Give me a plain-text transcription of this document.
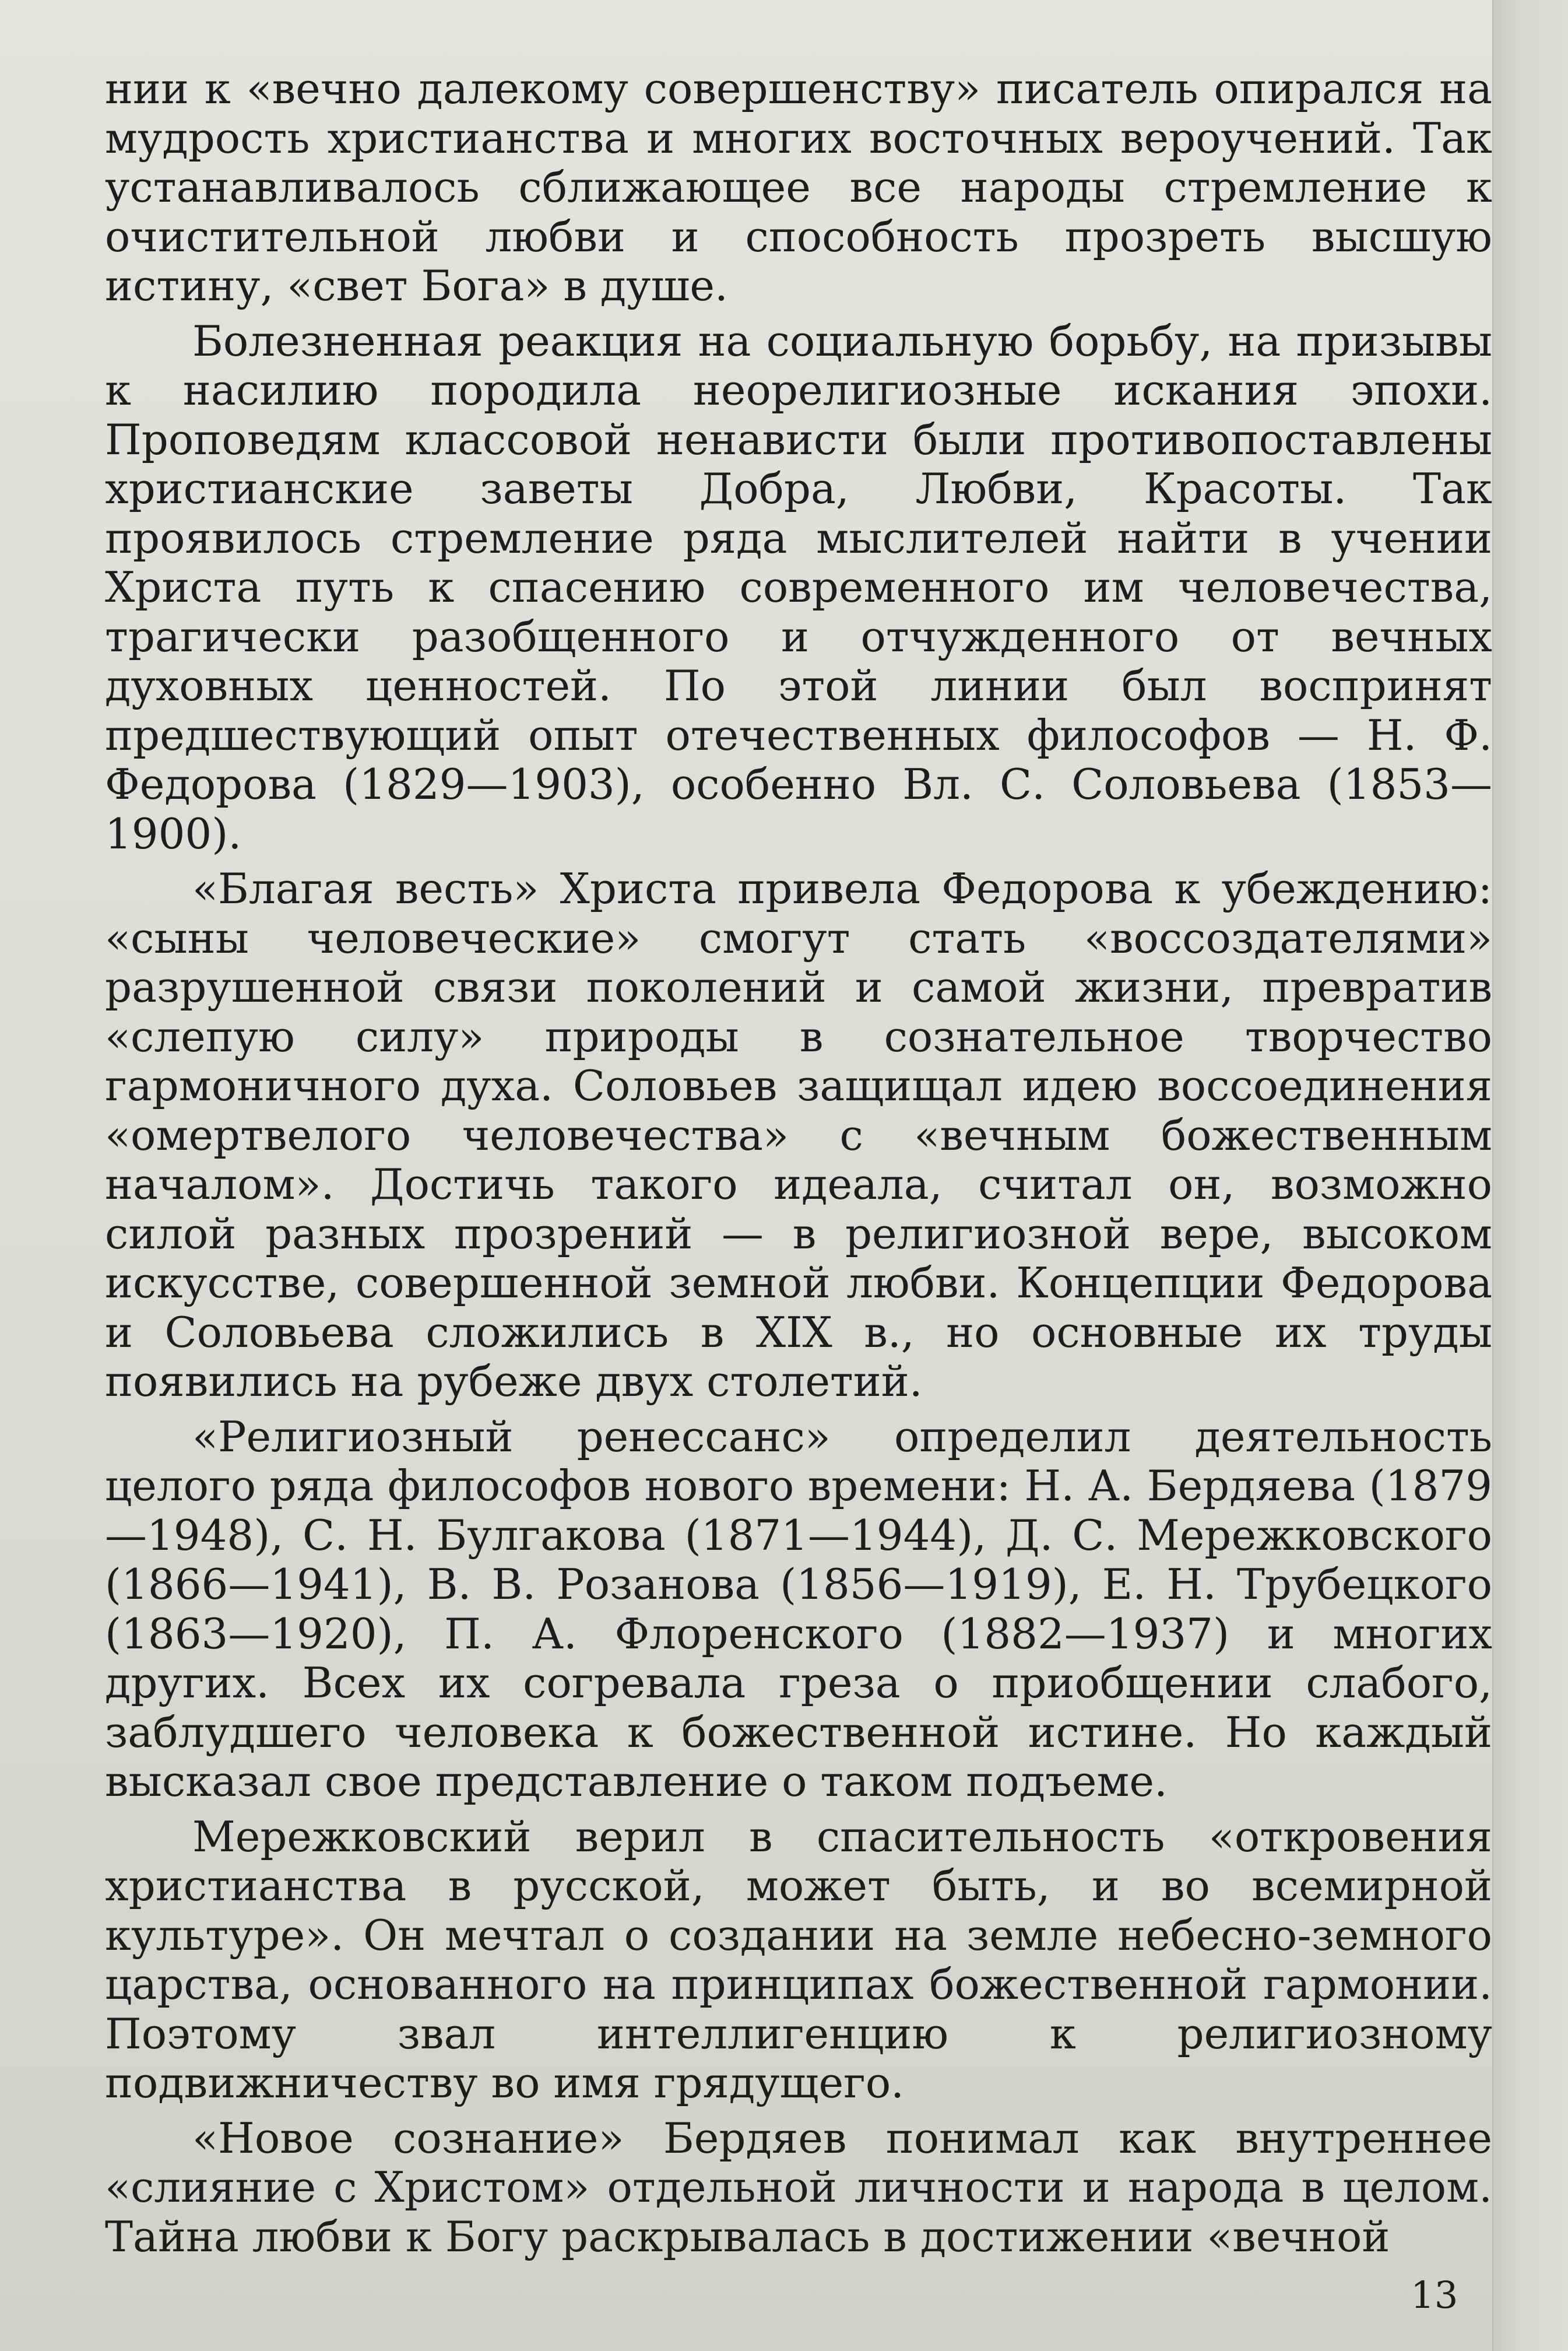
нии к «вечно далекому совершенству» писатель опирался на мудрость христианства и многих восточных вероучений. Так устанавливалось сближающее все народы стремление к очистительной любви и способность прозреть высшую истину, «свет Бога» в душе.

Болезненная реакция на социальную борьбу, на призывы к насилию породила неорелигиозные искания эпохи. Проповедям классовой ненависти были противопоставлены христианские заветы Добра, Любви, Красоты. Так проявилось стремление ряда мыслителей найти в учении Христа путь к спасению современного им человечества, трагически разобщенного и отчужденного от вечных духовных ценностей. По этой линии был воспринят предшествующий опыт отечественных философов — Н. Ф. Федорова (1829—1903), особенно Вл. С. Соловьева (1853—1900).

«Благая весть» Христа привела Федорова к убеждению: «сыны человеческие» смогут стать «воссоздателями» разрушенной связи поколений и самой жизни, превратив «слепую силу» природы в сознательное творчество гармоничного духа. Соловьев защищал идею воссоединения «омертвелого человечества» с «вечным божественным началом». Достичь такого идеала, считал он, возможно силой разных прозрений — в религиозной вере, высоком искусстве, совершенной земной любви. Концепции Федорова и Соловьева сложились в XIX в., но основные их труды появились на рубеже двух столетий.

«Религиозный ренессанс» определил деятельность целого ряда философов нового времени: Н. А. Бердяева (1879—1948), С. Н. Булгакова (1871—1944), Д. С. Мережковского (1866—1941), В. В. Розанова (1856—1919), Е. Н. Трубецкого (1863—1920), П. А. Флоренского (1882—1937) и многих других. Всех их согревала греза о приобщении слабого, заблудшего человека к божественной истине. Но каждый высказал свое представление о таком подъеме.

Мережковский верил в спасительность «откровения христианства в русской, может быть, и во всемирной культуре». Он мечтал о создании на земле небесно-земного царства, основанного на принципах божественной гармонии. Поэтому звал интеллигенцию к религиозному подвижничеству во имя грядущего.

«Новое сознание» Бердяев понимал как внутреннее «слияние с Христом» отдельной личности и народа в целом. Тайна любви к Богу раскрывалась в достижении «вечной

13
